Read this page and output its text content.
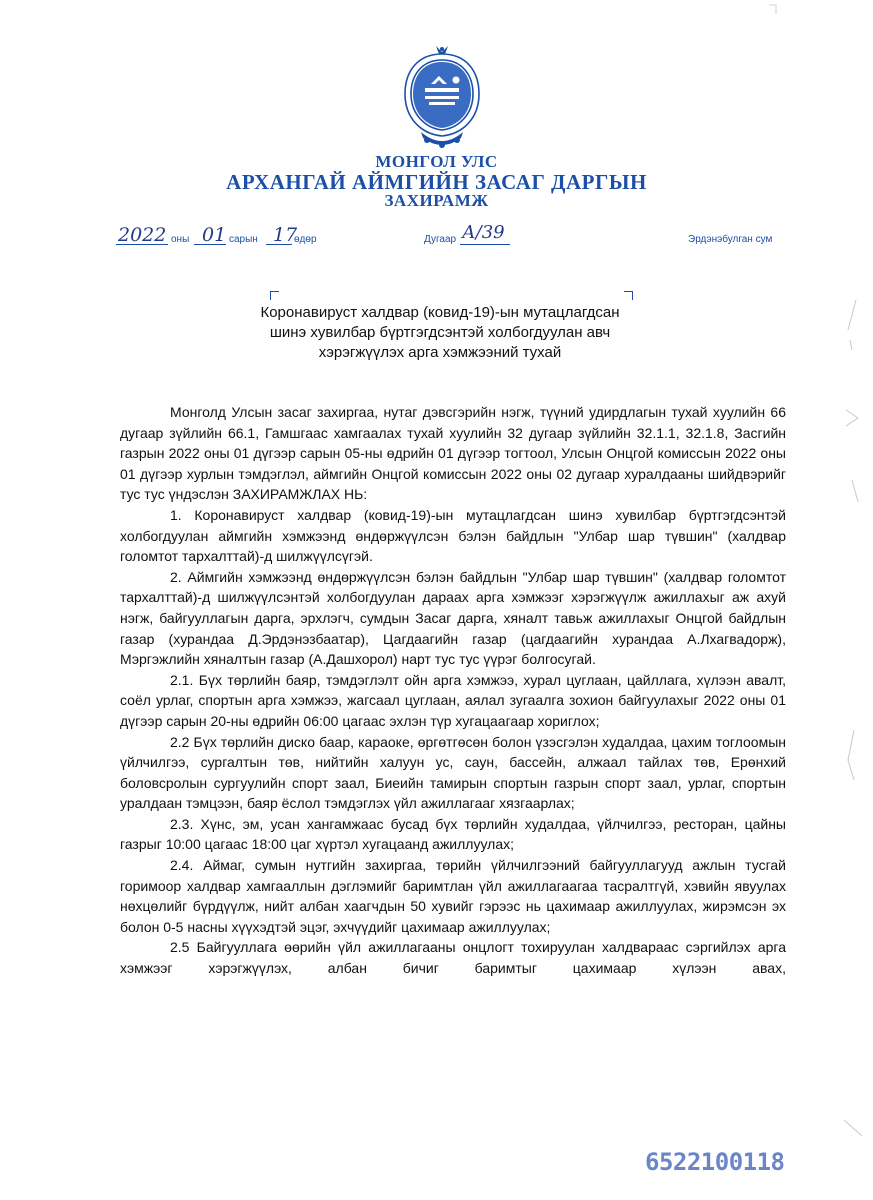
МОНГОЛ УЛС
АРХАНГАЙ АЙМГИЙН ЗАСАГ ДАРГЫН
ЗАХИРАМЖ
2022 оны 01 сарын 17
өдөр	Дугаар А/39	Эрдэнэбулган сум
Коронавируст халдвар (ковид-19)-ын мутацлагдсан
шинэ хувилбар бүртгэгдсэнтэй холбогдуулан авч
хэрэгжүүлэх арга хэмжээний тухай

Монголд Улсын засаг захиргаа, нутаг дэвсгэрийн нэгж, түүний удирдлагын тухай хуулийн 66 дугаар зүйлийн 66.1, Гамшгаас хамгаалах тухай хуулийн 32 дугаар зүйлийн 32.1.1, 32.1.8, Засгийн газрын 2022 оны 01 дүгээр сарын 05-ны өдрийн 01 дүгээр тогтоол, Улсын Онцгой комиссын 2022 оны 01 дүгээр хурлын тэмдэглэл, аймгийн Онцгой комиссын 2022 оны 02 дугаар хуралдааны шийдвэрийг тус тус үндэслэн ЗАХИРАМЖЛАХ НЬ:

1. Коронавируст халдвар (ковид-19)-ын мутацлагдсан шинэ хувилбар бүртгэгдсэнтэй холбогдуулан аймгийн хэмжээнд өндөржүүлсэн бэлэн байдлын "Улбар шар түвшин" (халдвар голомтот тархалттай)-д шилжүүлсүгэй.

2. Аймгийн хэмжээнд өндөржүүлсэн бэлэн байдлын "Улбар шар түвшин" (халдвар голомтот тархалттай)-д шилжүүлсэнтэй холбогдуулан дараах арга хэмжээг хэрэгжүүлж ажиллахыг аж ахуй нэгж, байгууллагын дарга, эрхлэгч, сумдын Засаг дарга, хяналт тавьж ажиллахыг Онцгой байдлын газар (хурандаа Д.Эрдэнэзбаатар), Цагдаагийн газар (цагдаагийн хурандаа А.Лхагвадорж), Мэргэжлийн хяналтын газар (А.Дашхорол) нарт тус тус үүрэг болгосугай.

2.1. Бүх төрлийн баяр, тэмдэглэлт ойн арга хэмжээ, хурал цуглаан, цайллага, хүлээн авалт, соёл урлаг, спортын арга хэмжээ, жагсаал цуглаан, аялал зугаалга зохион байгуулахыг 2022 оны 01 дүгээр сарын 20-ны өдрийн 06:00 цагаас эхлэн түр хугацаагаар хориглох;

2.2 Бүх төрлийн диско баар, караоке, өргөтгөсөн болон үзэсгэлэн худалдаа, цахим тоглоомын үйлчилгээ, сургалтын төв, нийтийн халуун ус, саун, бассейн, алжаал тайлах төв, Ерөнхий боловсролын сургуулийн спорт заал, Биеийн тамирын спортын газрын спорт заал, урлаг, спортын уралдаан тэмцээн, баяр ёслол тэмдэглэх үйл ажиллагааг хязгаарлах;

2.3. Хүнс, эм, усан хангамжаас бусад бүх төрлийн худалдаа, үйлчилгээ, ресторан, цайны газрыг 10:00 цагаас 18:00 цаг хүртэл хугацаанд ажиллуулах;

2.4. Аймаг, сумын нутгийн захиргаа, төрийн үйлчилгээний байгууллагууд ажлын тусгай горимоор халдвар хамгааллын дэглэмийг баримтлан үйл ажиллагаагаа тасралтгүй, хэвийн явуулах нөхцөлийг бүрдүүлж, нийт албан хаагчдын 50 хувийг гэрээс нь цахимаар ажиллуулах, жирэмсэн эх болон 0-5 насны хүүхэдтэй эцэг, эхчүүдийг цахимаар ажиллуулах;

2.5 Байгууллага өөрийн үйл ажиллагааны онцлогт тохируулан халдвараас сэргийлэх арга хэмжээг хэрэгжүүлэх, албан бичиг баримтыг цахимаар хүлээн авах,

6522100118
